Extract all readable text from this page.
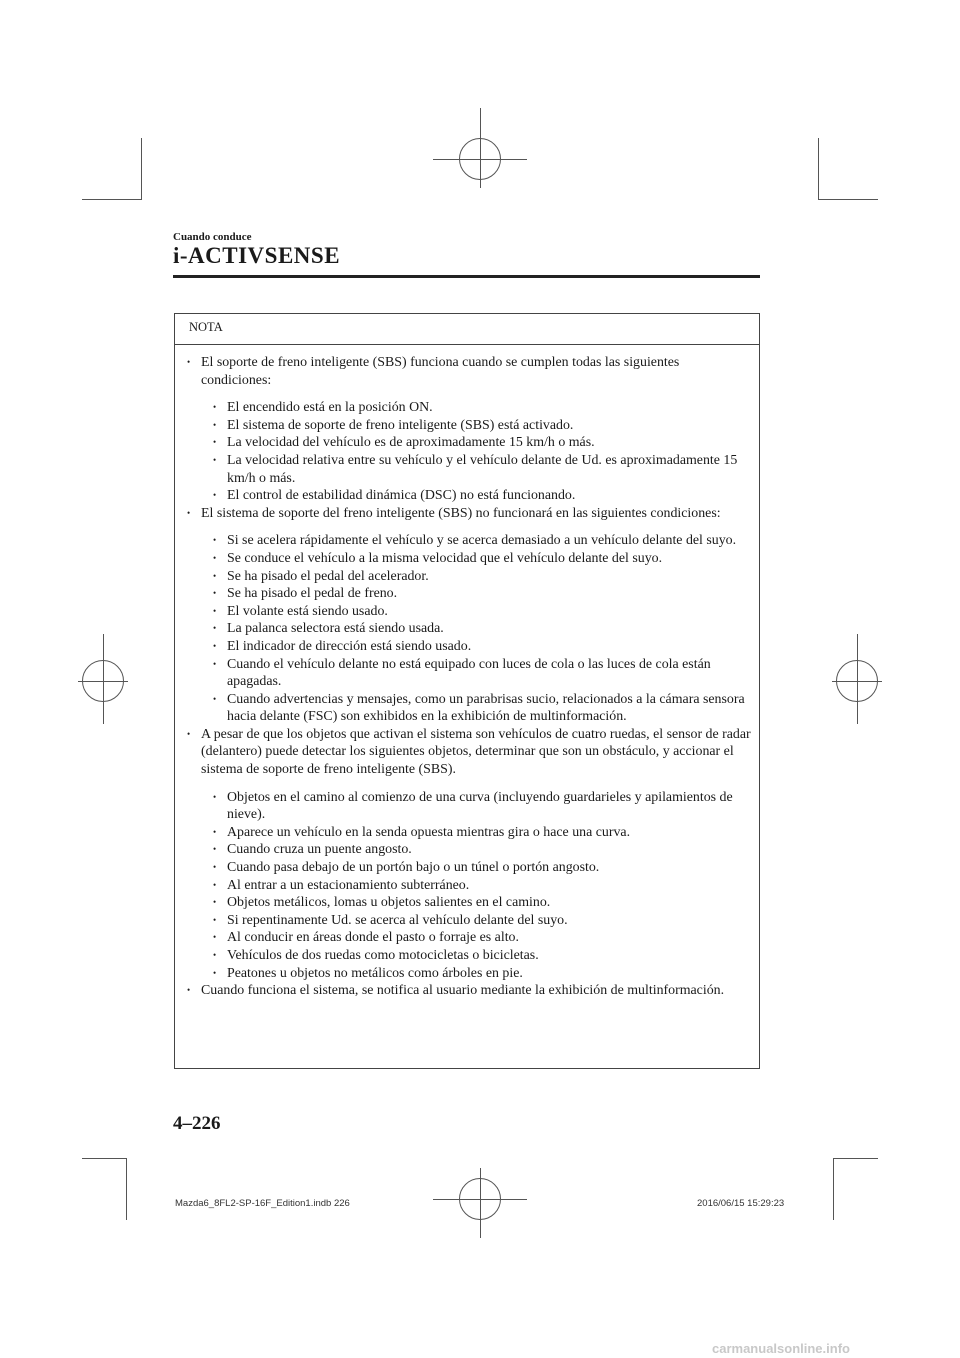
Cuando conduce
i-ACTIVSENSE
NOTA
• El soporte de freno inteligente (SBS) funciona cuando se cumplen todas las siguientes condiciones:
• El encendido está en la posición ON.
• El sistema de soporte de freno inteligente (SBS) está activado.
• La velocidad del vehículo es de aproximadamente 15 km/h o más.
• La velocidad relativa entre su vehículo y el vehículo delante de Ud. es aproximadamente 15 km/h o más.
• El control de estabilidad dinámica (DSC) no está funcionando.
• El sistema de soporte del freno inteligente (SBS) no funcionará en las siguientes condiciones:
• Si se acelera rápidamente el vehículo y se acerca demasiado a un vehículo delante del suyo.
• Se conduce el vehículo a la misma velocidad que el vehículo delante del suyo.
• Se ha pisado el pedal del acelerador.
• Se ha pisado el pedal de freno.
• El volante está siendo usado.
• La palanca selectora está siendo usada.
• El indicador de dirección está siendo usado.
• Cuando el vehículo delante no está equipado con luces de cola o las luces de cola están apagadas.
• Cuando advertencias y mensajes, como un parabrisas sucio, relacionados a la cámara sensora hacia delante (FSC) son exhibidos en la exhibición de multinformación.
• A pesar de que los objetos que activan el sistema son vehículos de cuatro ruedas, el sensor de radar (delantero) puede detectar los siguientes objetos, determinar que son un obstáculo, y accionar el sistema de soporte de freno inteligente (SBS).
• Objetos en el camino al comienzo de una curva (incluyendo guardarieles y apilamientos de nieve).
• Aparece un vehículo en la senda opuesta mientras gira o hace una curva.
• Cuando cruza un puente angosto.
• Cuando pasa debajo de un portón bajo o un túnel o portón angosto.
• Al entrar a un estacionamiento subterráneo.
• Objetos metálicos, lomas u objetos salientes en el camino.
• Si repentinamente Ud. se acerca al vehículo delante del suyo.
• Al conducir en áreas donde el pasto o forraje es alto.
• Vehículos de dos ruedas como motocicletas o bicicletas.
• Peatones u objetos no metálicos como árboles en pie.
• Cuando funciona el sistema, se notifica al usuario mediante la exhibición de multinformación.
4–226
Mazda6_8FL2-SP-16F_Edition1.indb 226	2016/06/15 15:29:23
carmanualsonline.info
